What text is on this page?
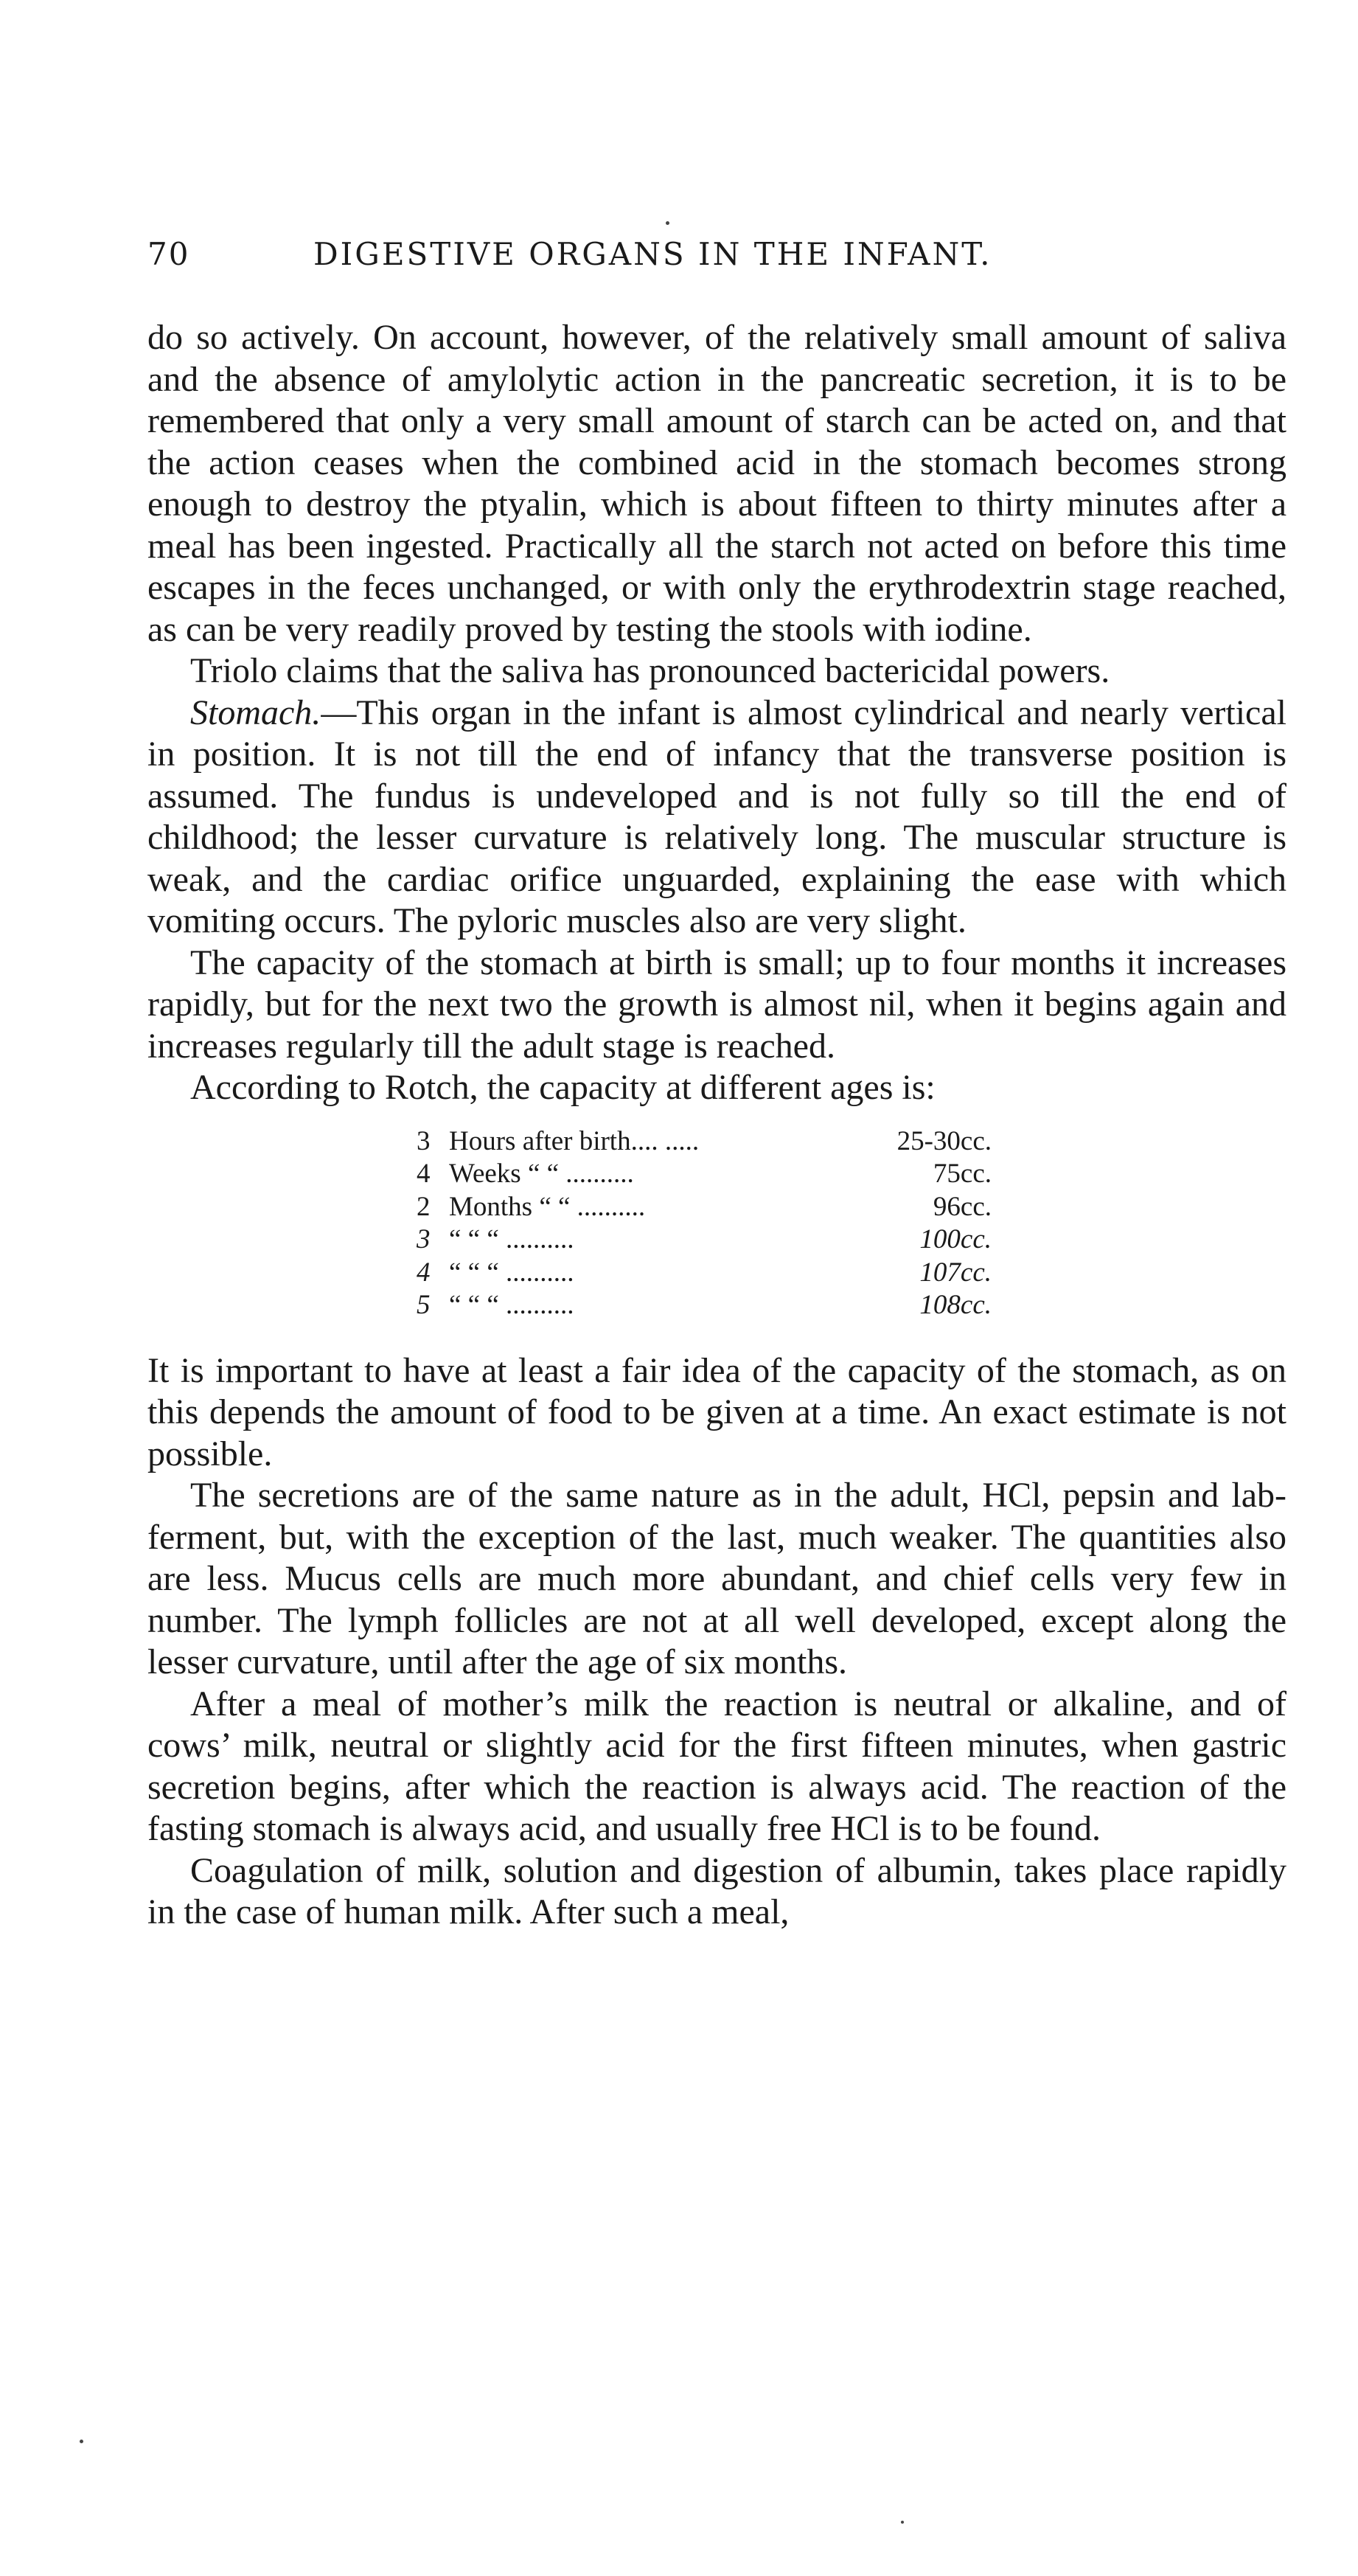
70	DIGESTIVE ORGANS IN THE INFANT.

do so actively. On account, however, of the relatively small amount of saliva and the absence of amylolytic action in the pancreatic secretion, it is to be remembered that only a very small amount of starch can be acted on, and that the action ceases when the combined acid in the stomach becomes strong enough to destroy the ptyalin, which is about fifteen to thirty minutes after a meal has been ingested. Practically all the starch not acted on before this time escapes in the feces unchanged, or with only the erythrodextrin stage reached, as can be very readily proved by testing the stools with iodine.

Triolo claims that the saliva has pronounced bactericidal powers.

Stomach.—This organ in the infant is almost cylindrical and nearly vertical in position. It is not till the end of infancy that the transverse position is assumed. The fundus is undeveloped and is not fully so till the end of childhood; the lesser curvature is relatively long. The muscular structure is weak, and the cardiac orifice unguarded, explaining the ease with which vomiting occurs. The pyloric muscles also are very slight.

The capacity of the stomach at birth is small; up to four months it increases rapidly, but for the next two the growth is almost nil, when it begins again and increases regularly till the adult stage is reached.

According to Rotch, the capacity at different ages is:

3 Hours after birth.... .....	25-30cc.
4 Weeks “ “ ..........	75cc.
2 Months “ “ ..........	96cc.
3 “ “ “ ..........	100cc.
4 “ “ “ ..........	107cc.
5 “ “ “ ..........	108cc.

It is important to have at least a fair idea of the capacity of the stomach, as on this depends the amount of food to be given at a time. An exact estimate is not possible.

The secretions are of the same nature as in the adult, HCl, pepsin and lab-ferment, but, with the exception of the last, much weaker. The quantities also are less. Mucus cells are much more abundant, and chief cells very few in number. The lymph follicles are not at all well developed, except along the lesser curvature, until after the age of six months.

After a meal of mother’s milk the reaction is neutral or alkaline, and of cows’ milk, neutral or slightly acid for the first fifteen minutes, when gastric secretion begins, after which the reaction is always acid. The reaction of the fasting stomach is always acid, and usually free HCl is to be found.

Coagulation of milk, solution and digestion of albumin, takes place rapidly in the case of human milk. After such a meal,
